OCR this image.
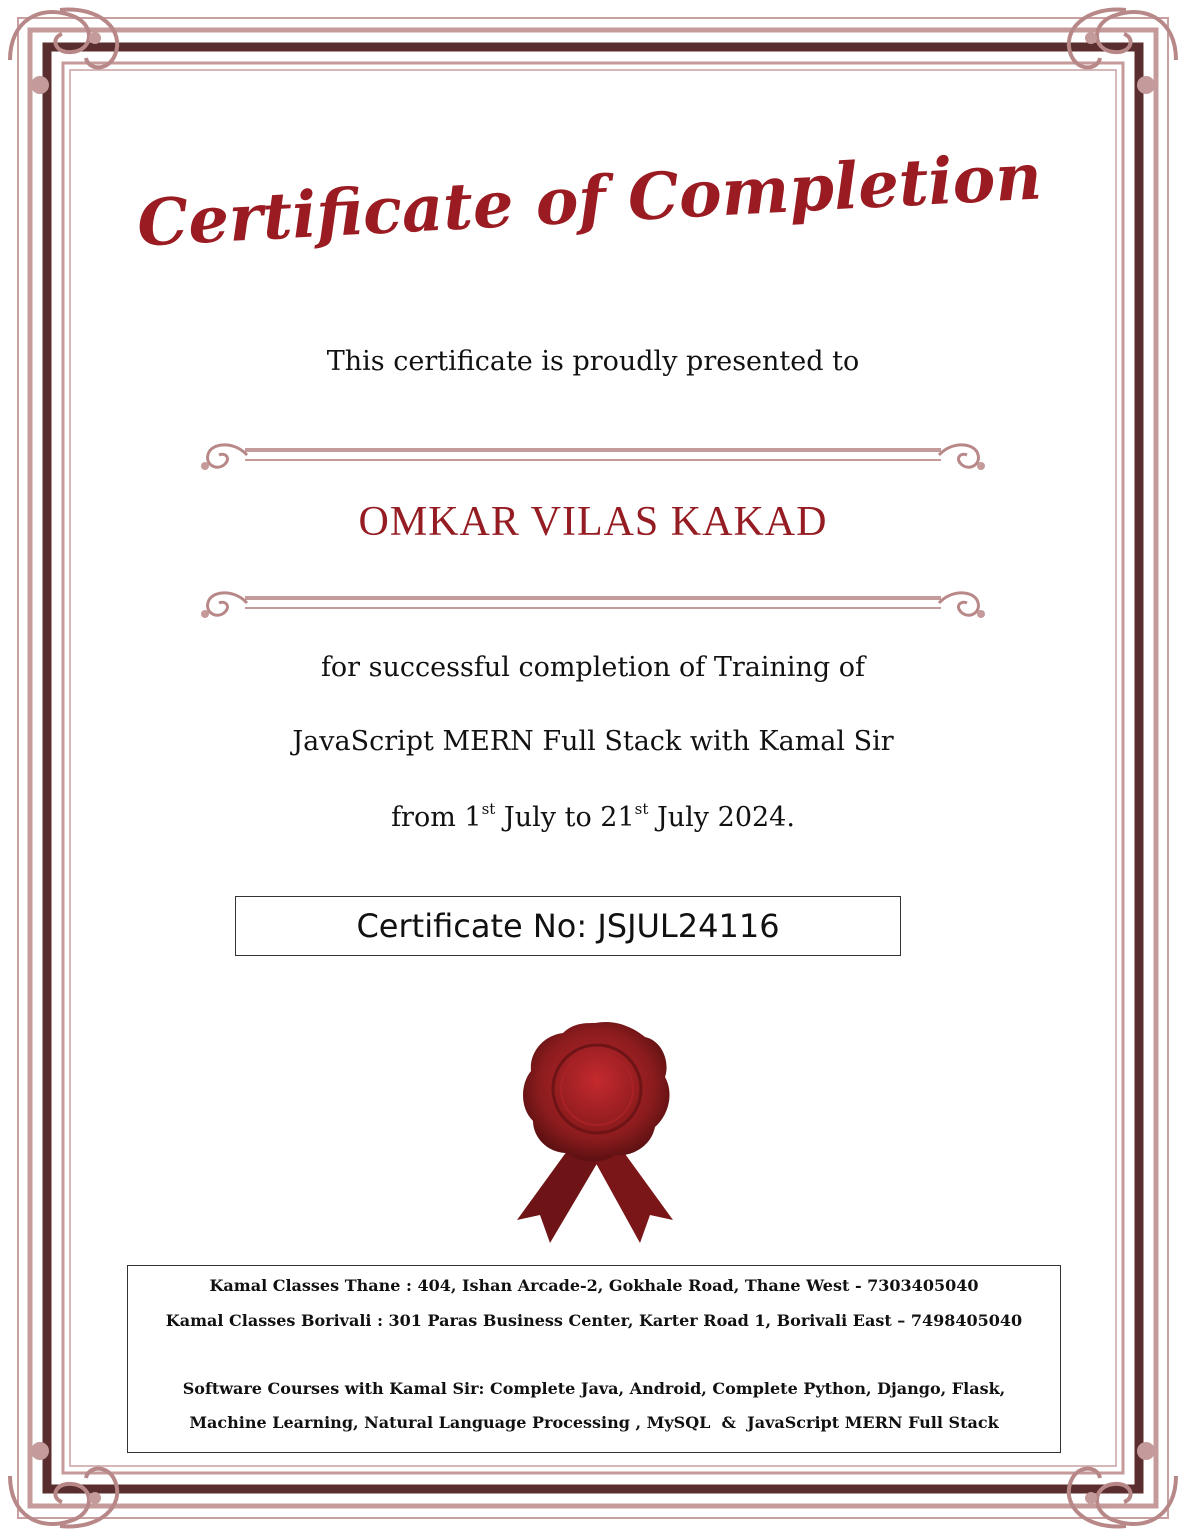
Certificate of Completion
This certificate is proudly presented to
OMKAR VILAS KAKAD
for successful completion of Training of
JavaScript MERN Full Stack with Kamal Sir
from 1st July to 21st July 2024.
Certificate No: JSJUL24116
Kamal Classes Thane : 404, Ishan Arcade-2, Gokhale Road, Thane West - 7303405040
Kamal Classes Borivali : 301 Paras Business Center, Karter Road 1, Borivali East – 7498405040
Software Courses with Kamal Sir: Complete Java, Android, Complete Python, Django, Flask,
Machine Learning, Natural Language Processing , MySQL  &  JavaScript MERN Full Stack
